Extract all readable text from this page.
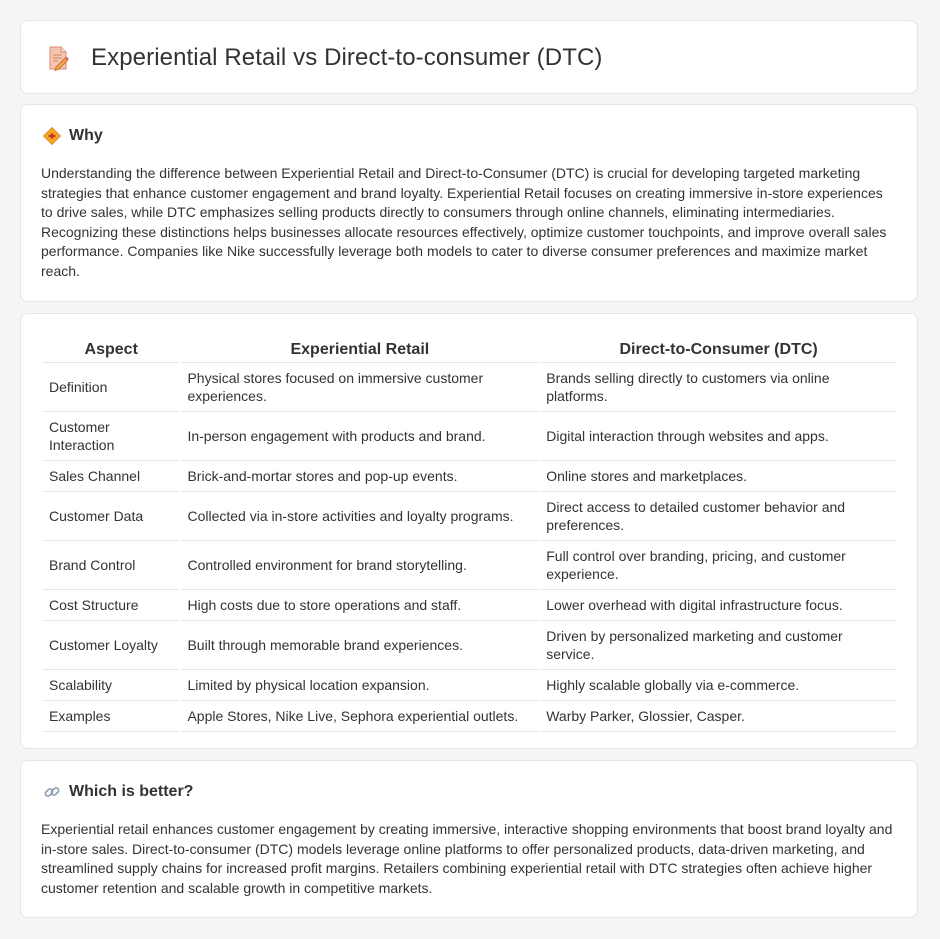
Experiential Retail vs Direct-to-consumer (DTC)
Why
Understanding the difference between Experiential Retail and Direct-to-Consumer (DTC) is crucial for developing targeted marketing strategies that enhance customer engagement and brand loyalty. Experiential Retail focuses on creating immersive in-store experiences to drive sales, while DTC emphasizes selling products directly to consumers through online channels, eliminating intermediaries. Recognizing these distinctions helps businesses allocate resources effectively, optimize customer touchpoints, and improve overall sales performance. Companies like Nike successfully leverage both models to cater to diverse consumer preferences and maximize market reach.
Aspect	Experiential Retail	Direct-to-Consumer (DTC)
Definition	Physical stores focused on immersive customer experiences.	Brands selling directly to customers via online platforms.
Customer Interaction	In-person engagement with products and brand.	Digital interaction through websites and apps.
Sales Channel	Brick-and-mortar stores and pop-up events.	Online stores and marketplaces.
Customer Data	Collected via in-store activities and loyalty programs.	Direct access to detailed customer behavior and preferences.
Brand Control	Controlled environment for brand storytelling.	Full control over branding, pricing, and customer experience.
Cost Structure	High costs due to store operations and staff.	Lower overhead with digital infrastructure focus.
Customer Loyalty	Built through memorable brand experiences.	Driven by personalized marketing and customer service.
Scalability	Limited by physical location expansion.	Highly scalable globally via e-commerce.
Examples	Apple Stores, Nike Live, Sephora experiential outlets.	Warby Parker, Glossier, Casper.
Which is better?
Experiential retail enhances customer engagement by creating immersive, interactive shopping environments that boost brand loyalty and in-store sales. Direct-to-consumer (DTC) models leverage online platforms to offer personalized products, data-driven marketing, and streamlined supply chains for increased profit margins. Retailers combining experiential retail with DTC strategies often achieve higher customer retention and scalable growth in competitive markets.
